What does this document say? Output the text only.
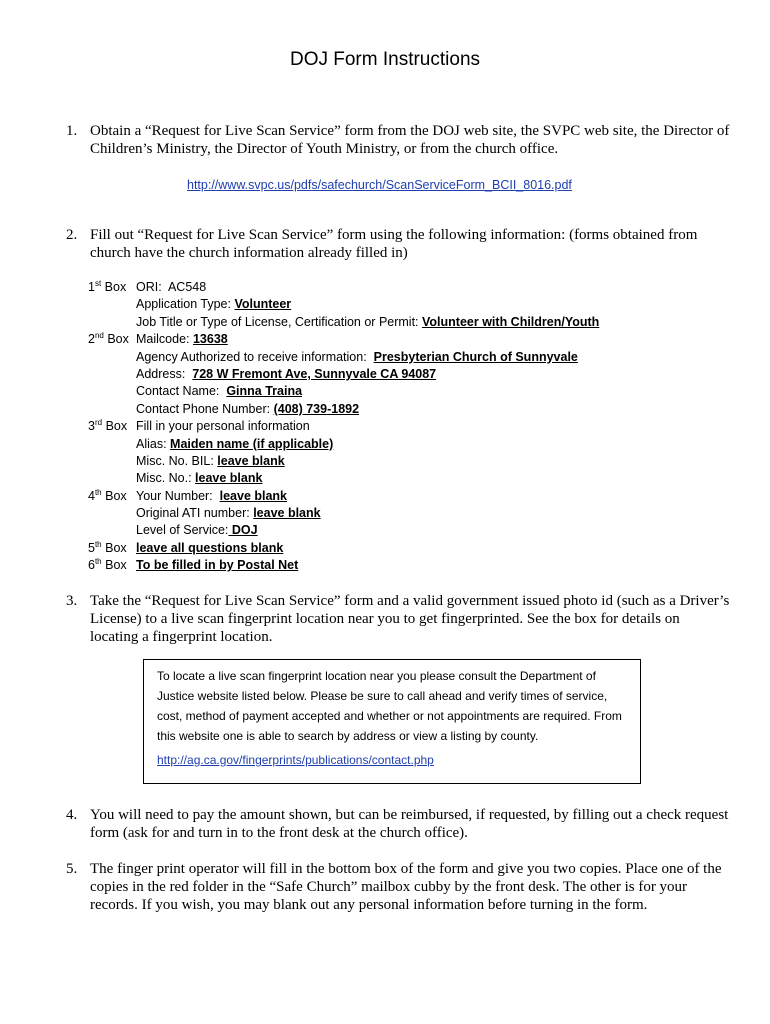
DOJ Form Instructions
1. Obtain a “Request for Live Scan Service” form from the DOJ web site, the SVPC web site, the Director of Children’s Ministry, the Director of Youth Ministry, or from the church office.
http://www.svpc.us/pdfs/safechurch/ScanServiceForm_BCII_8016.pdf
2. Fill out “Request for Live Scan Service” form using the following information: (forms obtained from church have the church information already filled in)
1st Box ORI:  AC548
Application Type: Volunteer
Job Title or Type of License, Certification or Permit: Volunteer with Children/Youth
2nd Box Mailcode: 13638
Agency Authorized to receive information:  Presbyterian Church of Sunnyvale
Address:  728 W Fremont Ave, Sunnyvale CA 94087
Contact Name:  Ginna Traina
Contact Phone Number: (408) 739-1892
3rd Box Fill in your personal information
Alias: Maiden name (if applicable)
Misc. No. BIL: leave blank
Misc. No.: leave blank
4th Box Your Number:  leave blank
Original ATI number: leave blank
Level of Service: DOJ
5th Box leave all questions blank
6th Box To be filled in by Postal Net
3. Take the “Request for Live Scan Service” form and a valid government issued photo id (such as a Driver’s License) to a live scan fingerprint location near you to get fingerprinted. See the box for details on locating a fingerprint location.

To locate a live scan fingerprint location near you please consult the Department of Justice website listed below. Please be sure to call ahead and verify times of service, cost, method of payment accepted and whether or not appointments are required. From this website one is able to search by address or view a listing by county.

http://ag.ca.gov/fingerprints/publications/contact.php
4. You will need to pay the amount shown, but can be reimbursed, if requested, by filling out a check request form (ask for and turn in to the front desk at the church office).
5. The finger print operator will fill in the bottom box of the form and give you two copies. Place one of the copies in the red folder in the “Safe Church” mailbox cubby by the front desk. The other is for your records. If you wish, you may blank out any personal information before turning in the form.
